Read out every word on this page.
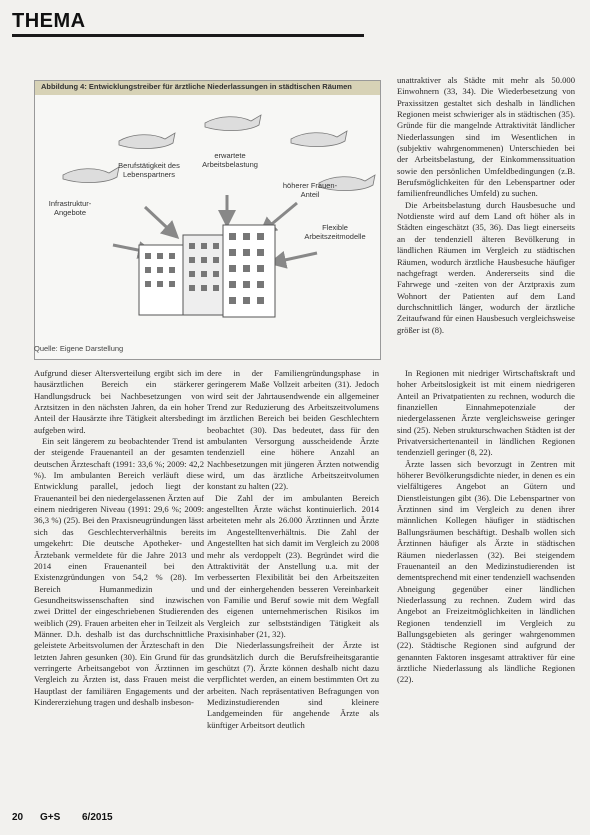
THEMA
Abbildung 4: Entwicklungstreiber für ärztliche Niederlassungen in städtischen Räumen
Berufstätigkeit des Lebenspartners
erwartete Arbeitsbelastung
Infrastruktur-Angebote
höherer Frauen-Anteil
Flexible Arbeitszeitmodelle
Quelle: Eigene Darstellung

unattraktiver als Städte mit mehr als 50.000 Einwohnern (33, 34). Die Wiederbesetzung von Praxissitzen gestaltet sich deshalb in ländlichen Regionen meist schwieriger als in städtischen (35). Gründe für die mangelnde Attraktivität ländlicher Niederlassungen sind im Wesentlichen in (subjektiv wahrgenommenen) Unterschieden bei der Arbeitsbelastung, der Einkommenssituation sowie den persönlichen Umfeldbedingungen (z.B. Berufsmöglichkeiten für den Lebenspartner oder familienfreundliches Umfeld) zu suchen.

Die Arbeitsbelastung durch Hausbesuche und Notdienste wird auf dem Land oft höher als in Städten eingeschätzt (35, 36). Das liegt einerseits an der tendenziell älteren Bevölkerung in ländlichen Räumen im Vergleich zu städtischen Räumen, wodurch ärztliche Hausbesuche häufiger nachgefragt werden. Andererseits sind die Fahrwege und -zeiten von der Arztpraxis zum Wohnort der Patienten auf dem Land durchschnittlich länger, wodurch der ärztliche Zeitaufwand für einen Hausbesuch vergleichsweise größer ist (8).

Aufgrund dieser Altersverteilung ergibt sich im hausärztlichen Bereich ein stärkerer Handlungsdruck bei Nachbesetzungen von Arztsitzen in den nächsten Jahren, da ein hoher Anteil der Hausärzte ihre Tätigkeit altersbedingt aufgeben wird.

Ein seit längerem zu beobachtender Trend ist der steigende Frauenanteil an der gesamten deutschen Ärzteschaft (1991: 33,6 %; 2009: 42,2 %). Im ambulanten Bereich verläuft diese Entwicklung parallel, jedoch liegt der Frauenanteil bei den niedergelassenen Ärzten auf einem niedrigeren Niveau (1991: 29,6 %; 2009: 36,3 %) (25). Bei den Praxisneugründungen lässt sich das Geschlechterverhältnis bereits umgekehrt: Die deutsche Apotheker- und Ärztebank vermeldete für die Jahre 2013 und 2014 einen Frauenanteil bei den Existenzgründungen von 54,2 % (28). Im Bereich Humanmedizin und Gesundheitswissenschaften sind inzwischen zwei Drittel der eingeschriebenen Studierenden weiblich (29). Frauen arbeiten eher in Teilzeit als Männer. D.h. deshalb ist das durchschnittliche geleistete Arbeitsvolumen der Ärzteschaft in den letzten Jahren gesunken (30). Ein Grund für das verringerte Arbeitsangebot von Ärztinnen im Vergleich zu Ärzten ist, dass Frauen meist die Hauptlast der familiären Engagements und der Kindererziehung tragen und deshalb insbeson-

dere in der Familiengründungsphase in geringerem Maße Vollzeit arbeiten (31). Jedoch wird seit der Jahrtausendwende ein allgemeiner Trend zur Reduzierung des Arbeitszeitvolumens im ärztlichen Bereich bei beiden Geschlechtern beobachtet (30). Das bedeutet, dass für den ambulanten Versorgung ausscheidende Ärzte tendenziell eine höhere Anzahl an Nachbesetzungen mit jüngeren Ärzten notwendig wird, um das ärztliche Arbeitszeitvolumen konstant zu halten (22).

Die Zahl der im ambulanten Bereich angestellten Ärzte wächst kontinuierlich. 2014 arbeiteten mehr als 26.000 Ärztinnen und Ärzte im Angestelltenverhältnis. Die Zahl der Angestellten hat sich damit im Vergleich zu 2008 mehr als verdoppelt (23). Begründet wird die Attraktivität der Anstellung u.a. mit der verbesserten Flexibilität bei den Arbeitszeiten und der einhergehenden besseren Vereinbarkeit von Familie und Beruf sowie mit dem Wegfall des eigenen unternehmerischen Risikos im Vergleich zur selbstständigen Tätigkeit als Praxisinhaber (21, 32).

Die Niederlassungsfreiheit der Ärzte ist grundsätzlich durch die Berufsfreiheitsgarantie geschützt (7). Ärzte können deshalb nicht dazu verpflichtet werden, an einem bestimmten Ort zu arbeiten. Nach repräsentativen Befragungen von Medizinstudierenden sind kleinere Landgemeinden für angehende Ärzte als künftiger Arbeitsort deutlich

In Regionen mit niedriger Wirtschaftskraft und hoher Arbeitslosigkeit ist mit einem niedrigeren Anteil an Privatpatienten zu rechnen, wodurch die finanziellen Einnahmepotenziale der niedergelassenen Ärzte vergleichsweise geringer sind (25). Neben strukturschwachen Städten ist der Privatversichertenanteil in ländlichen Regionen tendenziell geringer (8, 22).

Ärzte lassen sich bevorzugt in Zentren mit höherer Bevölkerungsdichte nieder, in denen es ein vielfältigeres Angebot an Gütern und Dienstleistungen gibt (36). Die Lebenspartner von Ärztinnen sind im Vergleich zu denen ihrer männlichen Kollegen häufiger in städtischen Ballungsräumen beschäftigt. Deshalb wollen sich Ärztinnen häufiger als Ärzte in städtischen Räumen niederlassen (32). Bei steigendem Frauenanteil an den Medizinstudierenden ist dementsprechend mit einer tendenziell wachsenden Abneigung gegenüber einer ländlichen Niederlassung zu rechnen. Zudem wird das Angebot an Freizeitmöglichkeiten in ländlichen Regionen tendenziell im Vergleich zu Ballungsgebieten als geringer wahrgenommen (22). Städtische Regionen sind aufgrund der genannten Faktoren insgesamt attraktiver für eine ärztliche Niederlassung als ländliche Regionen (22).

20 G+S 6/2015
